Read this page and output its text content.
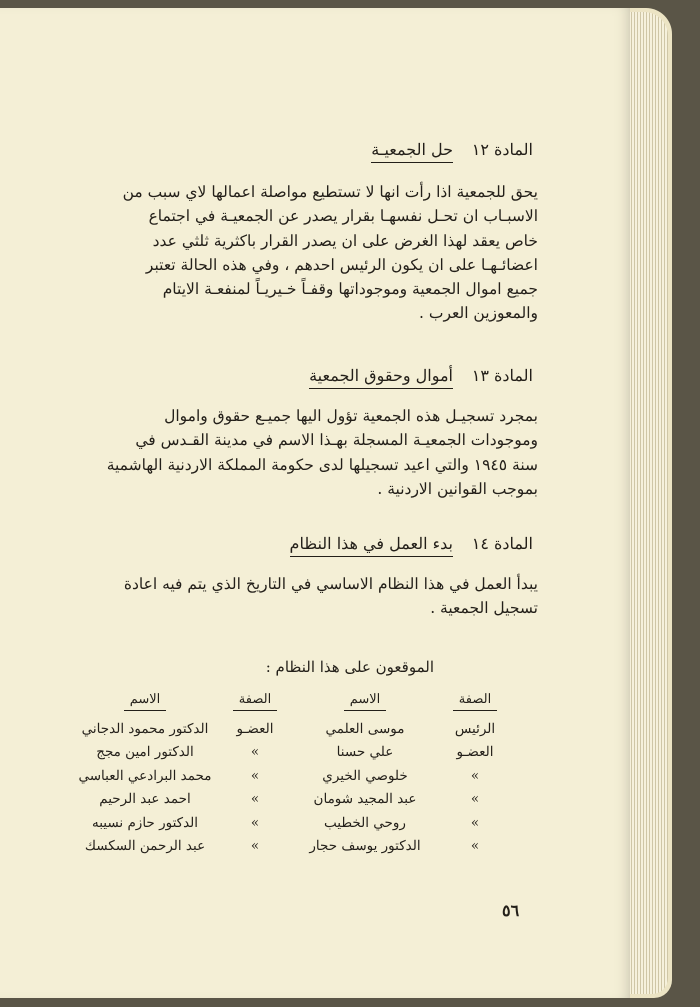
المادة ١٢
حل الجمعيـة
يحق للجمعية اذا رأت انها لا تستطيع مواصلة اعمالها لاي سبب من
الاسبـاب ان تحـل نفسهـا بقرار يصدر عن الجمعيـة في اجتماع
خاص يعقد لهذا الغرض على ان يصدر القرار باكثرية ثلثي عدد
اعضائـهـا على ان يكون الرئيس احدهم ، وفي هذه الحالة تعتبر
جميع اموال الجمعية وموجوداتها وقفـاً خـيريـاً لمنفعـة الايتام
والمعوزين العرب .
المادة ١٣
أموال وحقوق الجمعية
بمجرد تسجيـل هذه الجمعية تؤول اليها جميـع حقوق واموال
وموجودات الجمعيـة المسجلة بهـذا الاسم في مدينة القـدس في
سنة ١٩٤٥ والتي اعيد تسجيلها لدى حكومة المملكة الاردنية الهاشمية
بموجب القوانين الاردنية .
المادة ١٤
بدء العمل في هذا النظام
يبدأ العمل في هذا النظام الاساسي في التاريخ الذي يتم فيه اعادة
تسجيل الجمعية .
الموقعون على هذا النظام :
الصفة	الاسم	الصفة	الاسم
الرئيس	موسى العلمي	العضـو	الدكتور محمود الدجاني
العضـو	علي حسنا	»	الدكتور امين مجج
»	خلوصي الخيري	»	محمد البرادعي العباسي
»	عبد المجيد شومان	»	احمد عبد الرحيم
»	روحي الخطيب	»	الدكتور حازم نسيبه
»	الدكتور يوسف حجار	»	عبد الرحمن السكسك
٥٦
